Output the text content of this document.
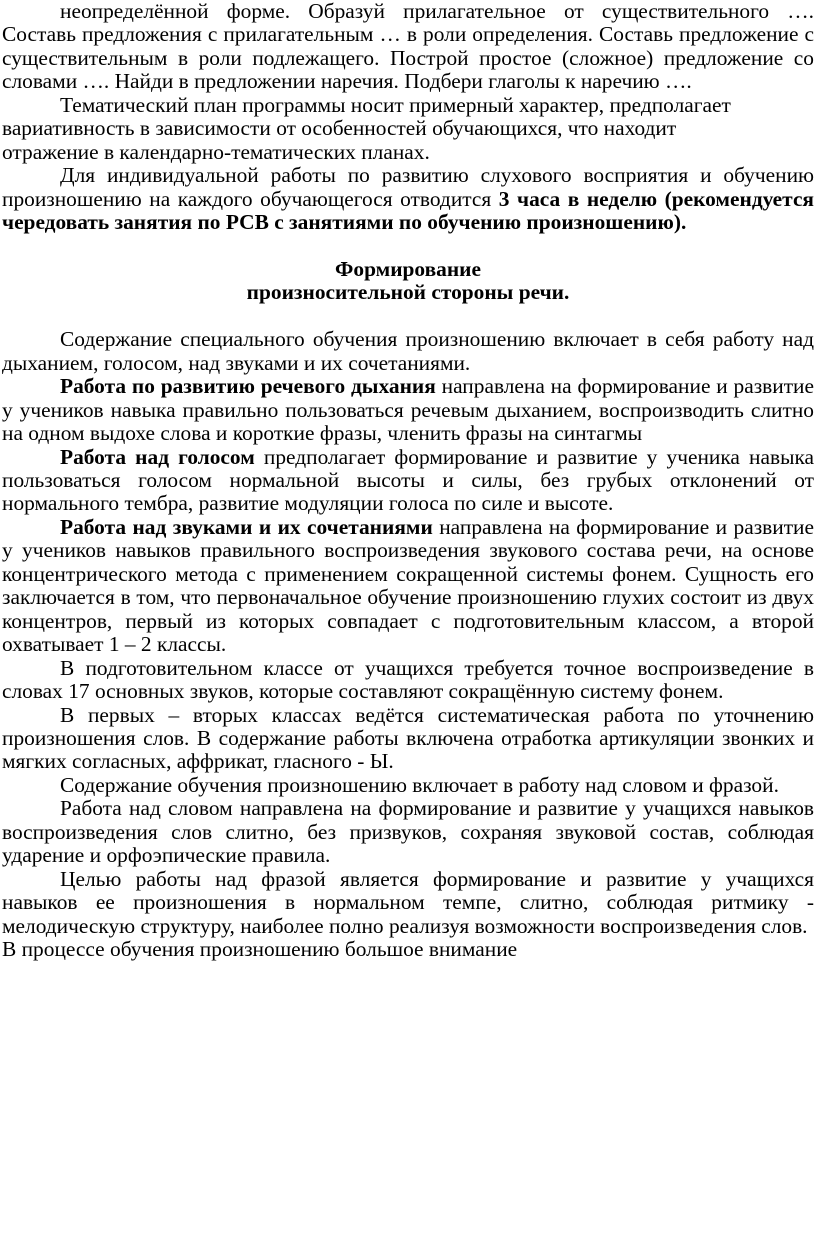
неопределённой форме. Образуй прилагательное от существительного …. Составь предложения с прилагательным … в роли определения. Составь предложение с существительным в роли подлежащего. Построй простое (сложное) предложение со словами …. Найди в предложении наречия. Подбери глаголы к наречию ….

Тематический план программы носит примерный характер, предполагает вариативность в зависимости от особенностей обучающихся, что находит

отражение в календарно-тематических планах.

Для индивидуальной работы по развитию слухового восприятия и обучению произношению на каждого обучающегося отводится 3 часа в неделю (рекомендуется чередовать занятия по РСВ с занятиями по обучению произношению).

Формирование

произносительной стороны речи.

Содержание специального обучения произношению включает в себя работу над дыханием, голосом, над звуками и их сочетаниями.

Работа по развитию речевого дыхания направлена на формирование и развитие у учеников навыка правильно пользоваться речевым дыханием, воспроизводить слитно на одном выдохе слова и короткие фразы, членить фразы на синтагмы

Работа над голосом предполагает формирование и развитие у ученика навыка пользоваться голосом нормальной высоты и силы, без грубых отклонений от нормального тембра, развитие модуляции голоса по силе и высоте.

Работа над звуками и их сочетаниями направлена на формирование и развитие у учеников навыков правильного воспроизведения звукового состава речи, на основе концентрического метода с применением сокращенной системы фонем. Сущность его заключается в том, что первоначальное обучение произношению глухих состоит из двух концентров, первый из которых совпадает с подготовительным классом, а второй охватывает 1 – 2 классы.

В подготовительном классе от учащихся требуется точное воспроизведение в словах 17 основных звуков, которые составляют сокращённую систему фонем.

В первых – вторых классах ведётся систематическая работа по уточнению произношения слов. В содержание работы включена отработка артикуляции звонких и мягких согласных, аффрикат, гласного - Ы.

Содержание обучения произношению включает в работу над словом и фразой.

Работа над словом направлена на формирование и развитие у учащихся навыков воспроизведения слов слитно, без призвуков, сохраняя звуковой состав, соблюдая ударение и орфоэпические правила.

Целью работы над фразой является формирование и развитие у учащихся навыков ее произношения в нормальном темпе, слитно, соблюдая ритмику - мелодическую структуру, наиболее полно реализуя возможности воспроизведения слов.

В процессе обучения произношению большое внимание
